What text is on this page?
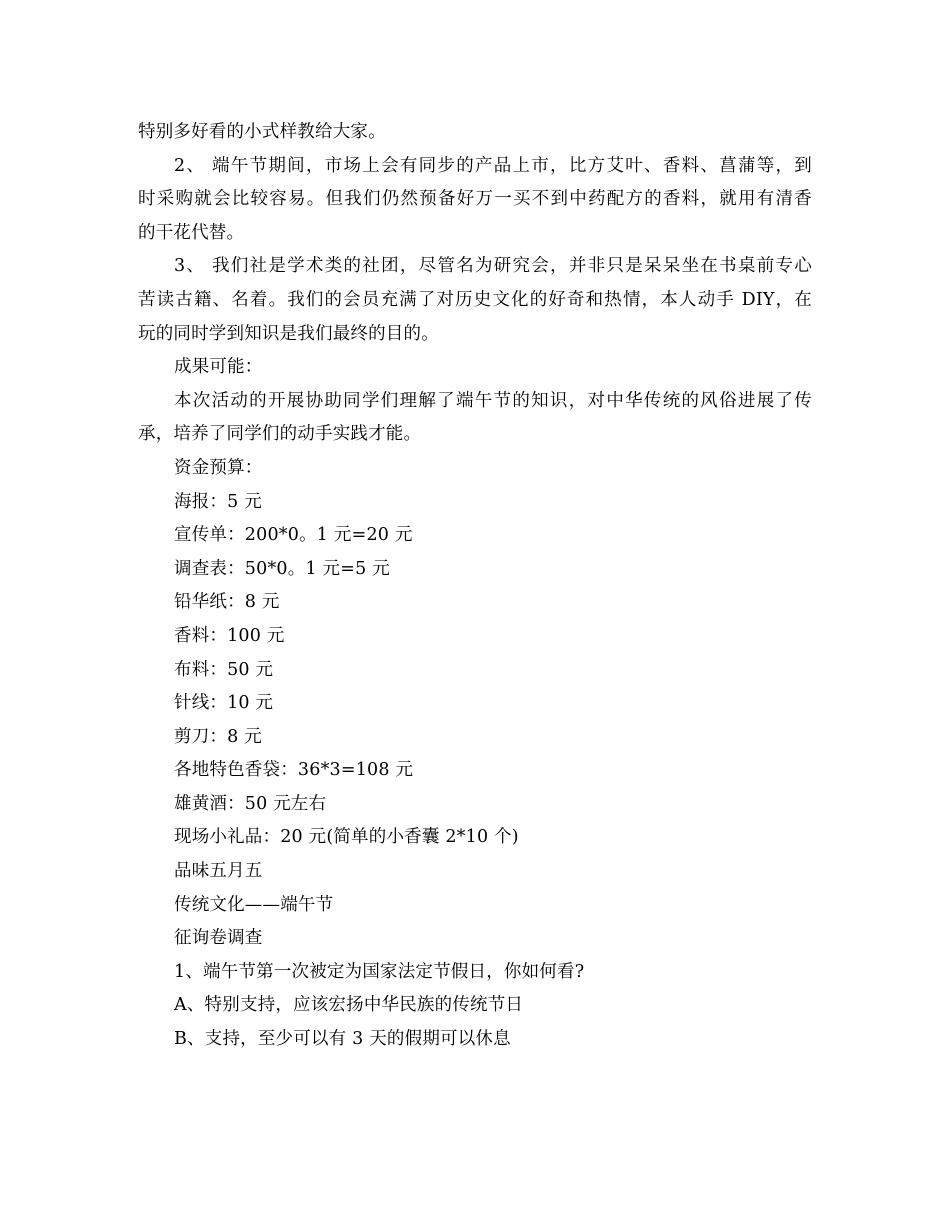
特别多好看的小式样教给大家。
2、 端午节期间，市场上会有同步的产品上市，比方艾叶、香料、菖蒲等，到
时采购就会比较容易。但我们仍然预备好万一买不到中药配方的香料，就用有清香
的干花代替。
3、 我们社是学术类的社团，尽管名为研究会，并非只是呆呆坐在书桌前专心
苦读古籍、名着。我们的会员充满了对历史文化的好奇和热情，本人动手 DIY，在
玩的同时学到知识是我们最终的目的。
成果可能：
本次活动的开展协助同学们理解了端午节的知识，对中华传统的风俗进展了传
承，培养了同学们的动手实践才能。
资金预算：
海报：5 元
宣传单：200*0。1 元=20 元
调查表：50*0。1 元=5 元
铅华纸：8 元
香料：100 元
布料：50 元
针线：10 元
剪刀：8 元
各地特色香袋：36*3=108 元
雄黄酒：50 元左右
现场小礼品：20 元(简单的小香囊 2*10 个)
品味五月五
传统文化——端午节
征询卷调查
1、端午节第一次被定为国家法定节假日，你如何看?
A、特别支持，应该宏扬中华民族的传统节日
B、支持，至少可以有 3 天的假期可以休息
